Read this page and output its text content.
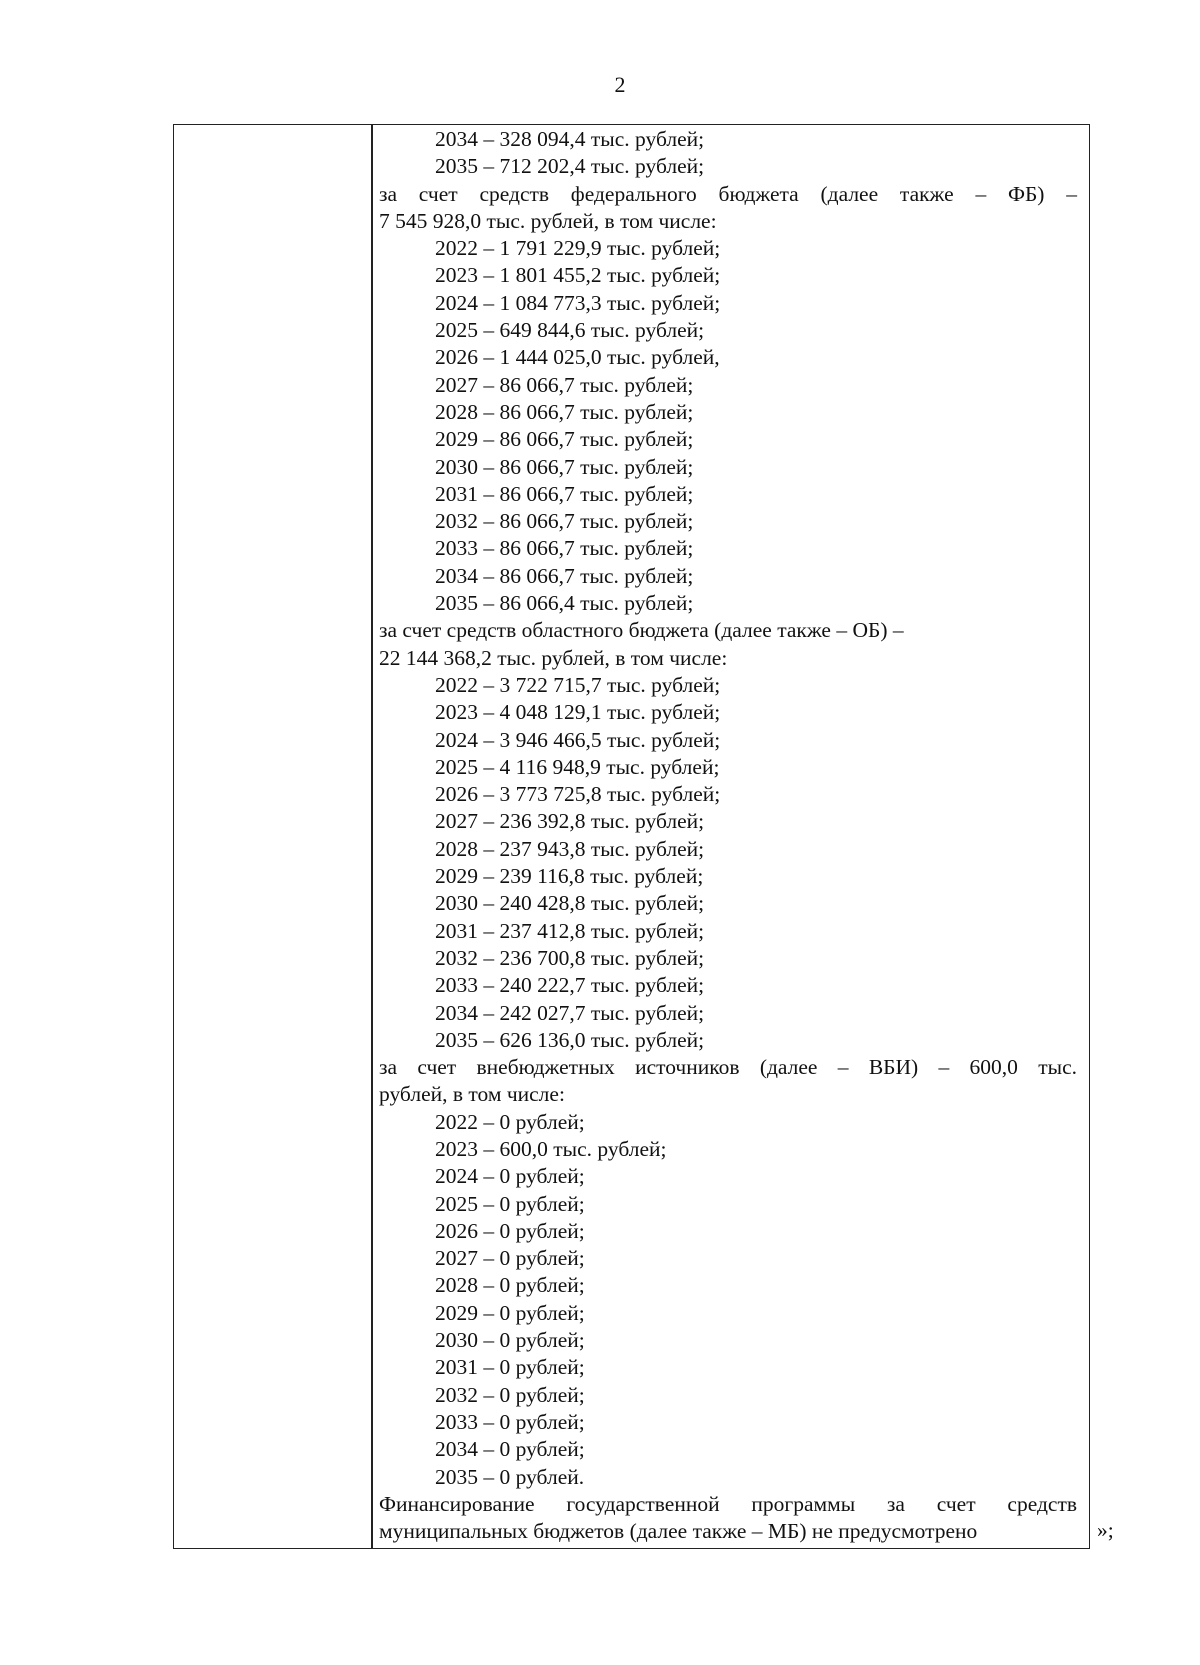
2
2034 – 328 094,4 тыс. рублей;
2035 – 712 202,4 тыс. рублей;
за счет средств федерального бюджета (далее также – ФБ) –
7 545 928,0 тыс. рублей, в том числе:
2022 – 1 791 229,9 тыс. рублей;
2023 – 1 801 455,2 тыс. рублей;
2024 – 1 084 773,3 тыс. рублей;
2025 – 649 844,6 тыс. рублей;
2026 – 1 444 025,0 тыс. рублей,
2027 – 86 066,7 тыс. рублей;
2028 – 86 066,7 тыс. рублей;
2029 – 86 066,7 тыс. рублей;
2030 – 86 066,7 тыс. рублей;
2031 – 86 066,7 тыс. рублей;
2032 – 86 066,7 тыс. рублей;
2033 – 86 066,7 тыс. рублей;
2034 – 86 066,7 тыс. рублей;
2035 – 86 066,4 тыс. рублей;
за счет средств областного бюджета (далее также – ОБ) –
22 144 368,2 тыс. рублей, в том числе:
2022 – 3 722 715,7 тыс. рублей;
2023 – 4 048 129,1 тыс. рублей;
2024 – 3 946 466,5 тыс. рублей;
2025 – 4 116 948,9 тыс. рублей;
2026 – 3 773 725,8 тыс. рублей;
2027 – 236 392,8 тыс. рублей;
2028 – 237 943,8 тыс. рублей;
2029 – 239 116,8 тыс. рублей;
2030 – 240 428,8 тыс. рублей;
2031 – 237 412,8 тыс. рублей;
2032 – 236 700,8 тыс. рублей;
2033 – 240 222,7 тыс. рублей;
2034 – 242 027,7 тыс. рублей;
2035 – 626 136,0 тыс. рублей;
за счет внебюджетных источников (далее – ВБИ) – 600,0 тыс.
рублей, в том числе:
2022 – 0 рублей;
2023 – 600,0 тыс. рублей;
2024 – 0 рублей;
2025 – 0 рублей;
2026 – 0 рублей;
2027 – 0 рублей;
2028 – 0 рублей;
2029 – 0 рублей;
2030 – 0 рублей;
2031 – 0 рублей;
2032 – 0 рублей;
2033 – 0 рублей;
2034 – 0 рублей;
2035 – 0 рублей.
Финансирование государственной программы за счет средств
муниципальных бюджетов (далее также – МБ) не предусмотрено	»;
